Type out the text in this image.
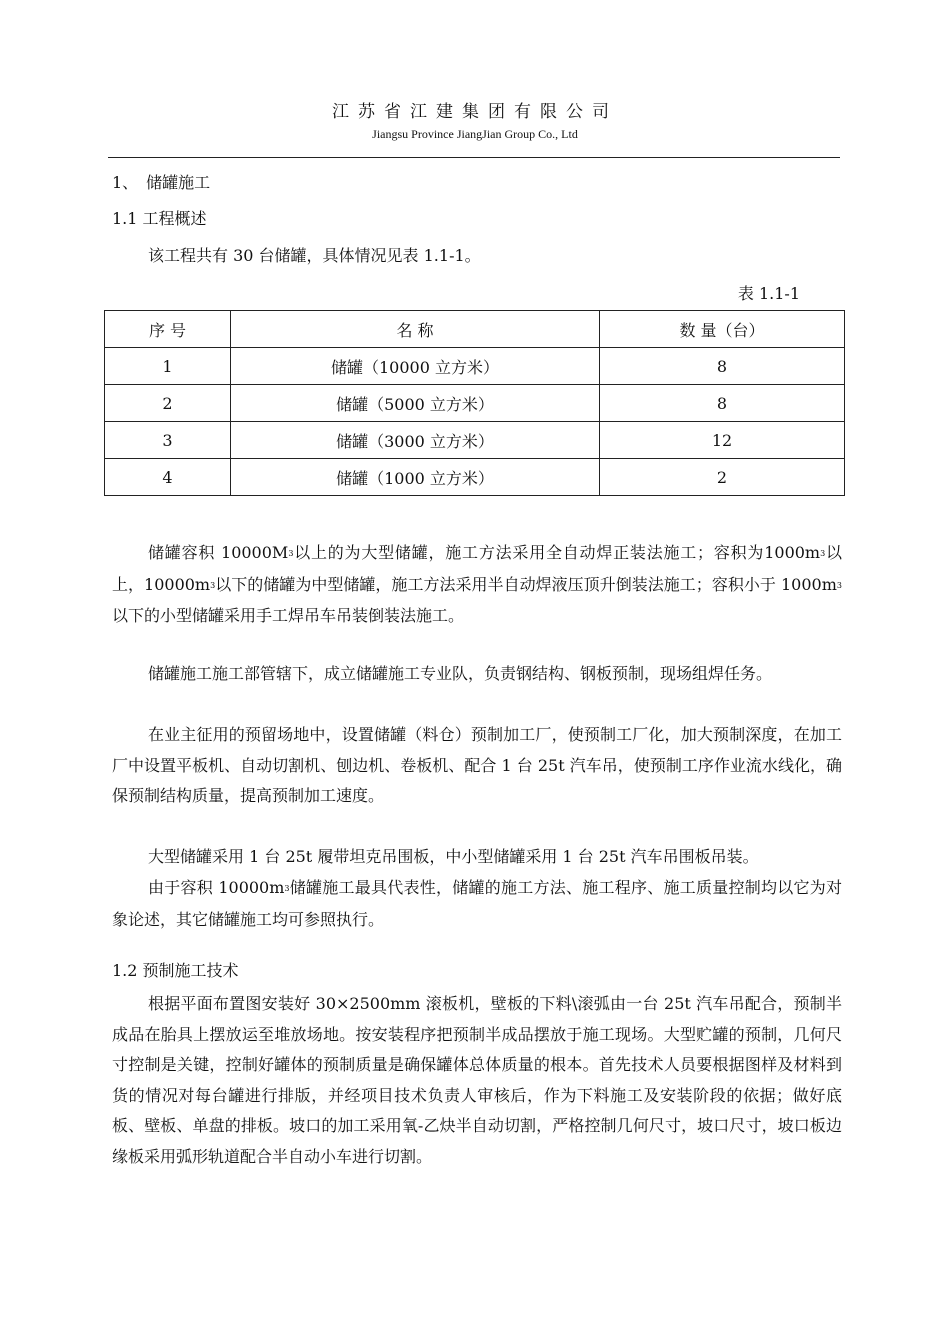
江苏省江建集团有限公司
Jiangsu Province JiangJian Group Co., Ltd
1、　储罐施工
1.1 工程概述
该工程共有 30 台储罐，具体情况见表 1.1-1。
表 1.1-1
序 号	名 称	数 量（台）
1	储罐（10000 立方米）	8
2	储罐（5000 立方米）	8
3	储罐（3000 立方米）	12
4	储罐（1000 立方米）	2
储罐容积 $10000M^3$以上的为大型储罐，施工方法采用全自动焊正装法施工；容积为$1000m^3$以上，$10000m^3$以下的储罐为中型储罐，施工方法采用半自动焊液压顶升倒装法施工；容积小于 $1000m^3$以下的小型储罐采用手工焊吊车吊装倒装法施工。
储罐施工施工部管辖下，成立储罐施工专业队，负责钢结构、钢板预制，现场组焊任务。
在业主征用的预留场地中，设置储罐（料仓）预制加工厂，使预制工厂化，加大预制深度，在加工厂中设置平板机、自动切割机、刨边机、卷板机、配合 1 台 25t 汽车吊，使预制工序作业流水线化，确保预制结构质量，提高预制加工速度。
大型储罐采用 1 台 25t 履带坦克吊围板，中小型储罐采用 1 台 25t 汽车吊围板吊装。
由于容积 $10000m^3$储罐施工最具代表性，储罐的施工方法、施工程序、施工质量控制均以它为对象论述，其它储罐施工均可参照执行。
1.2 预制施工技术
根据平面布置图安装好 30×2500mm 滚板机，壁板的下料\滚弧由一台 25t 汽车吊配合，预制半成品在胎具上摆放运至堆放场地。按安装程序把预制半成品摆放于施工现场。大型贮罐的预制，几何尺寸控制是关键，控制好罐体的预制质量是确保罐体总体质量的根本。首先技术人员要根据图样及材料到货的情况对每台罐进行排版，并经项目技术负责人审核后，作为下料施工及安装阶段的依据；做好底板、壁板、单盘的排板。坡口的加工采用氧-乙炔半自动切割，严格控制几何尺寸，坡口尺寸，坡口板边缘板采用弧形轨道配合半自动小车进行切割。
